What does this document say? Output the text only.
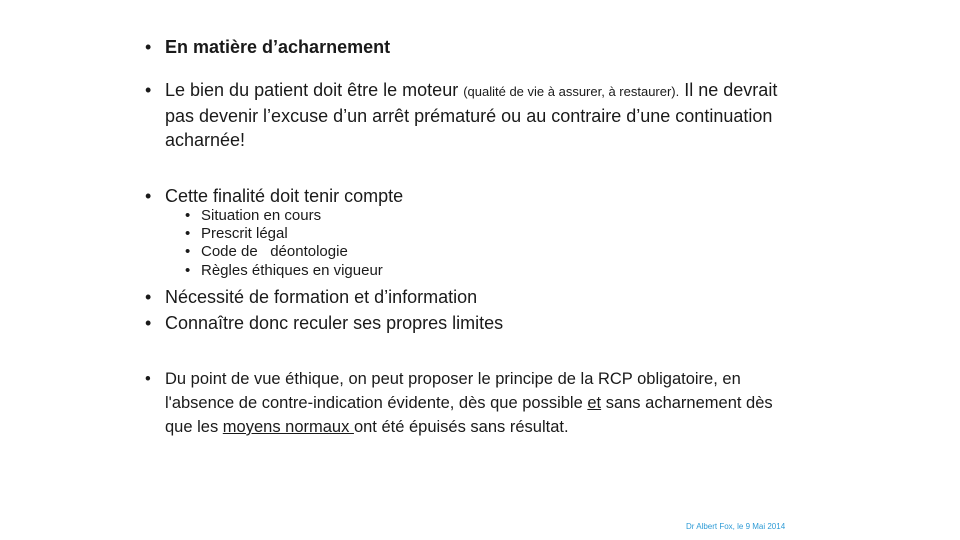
• En matière d’acharnement
• Le bien du patient doit être le moteur (qualité de vie à assurer, à restaurer). Il ne devrait pas devenir l’excuse d’un arrêt prématuré ou au contraire d’une continuation acharnée!
• Cette finalité doit tenir compte
• Situation en cours
• Prescrit légal
• Code de   déontologie
• Règles éthiques en vigueur
• Nécessité de formation et d’information
• Connaître donc reculer ses propres limites
• Du point de vue éthique, on peut proposer le principe de la RCP obligatoire, en l'absence de contre-indication évidente, dès que possible et sans acharnement dès que les moyens normaux ont été épuisés sans résultat.
Dr Albert Fox, le 9 Mai 2014
